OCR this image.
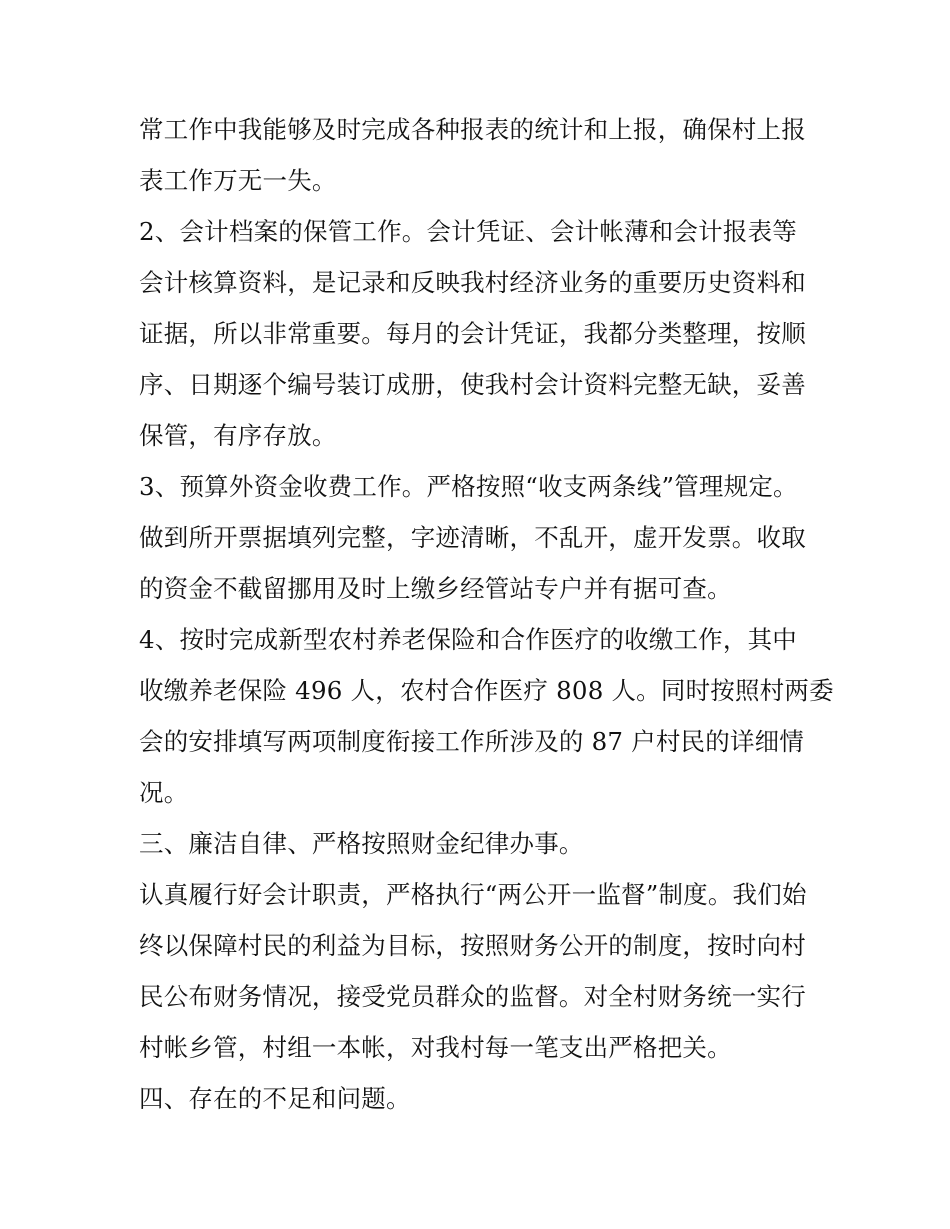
常工作中我能够及时完成各种报表的统计和上报，确保村上报
表工作万无一失。
2、会计档案的保管工作。会计凭证、会计帐薄和会计报表等
会计核算资料，是记录和反映我村经济业务的重要历史资料和
证据，所以非常重要。每月的会计凭证，我都分类整理，按顺
序、日期逐个编号装订成册，使我村会计资料完整无缺，妥善
保管，有序存放。
3、预算外资金收费工作。严格按照“收支两条线”管理规定。
做到所开票据填列完整，字迹清晰，不乱开，虚开发票。收取
的资金不截留挪用及时上缴乡经管站专户并有据可查。
4、按时完成新型农村养老保险和合作医疗的收缴工作，其中
收缴养老保险 496 人，农村合作医疗 808 人。同时按照村两委
会的安排填写两项制度衔接工作所涉及的 87 户村民的详细情
况。
三、廉洁自律、严格按照财金纪律办事。
认真履行好会计职责，严格执行“两公开一监督”制度。我们始
终以保障村民的利益为目标，按照财务公开的制度，按时向村
民公布财务情况，接受党员群众的监督。对全村财务统一实行
村帐乡管，村组一本帐，对我村每一笔支出严格把关。
四、存在的不足和问题。
